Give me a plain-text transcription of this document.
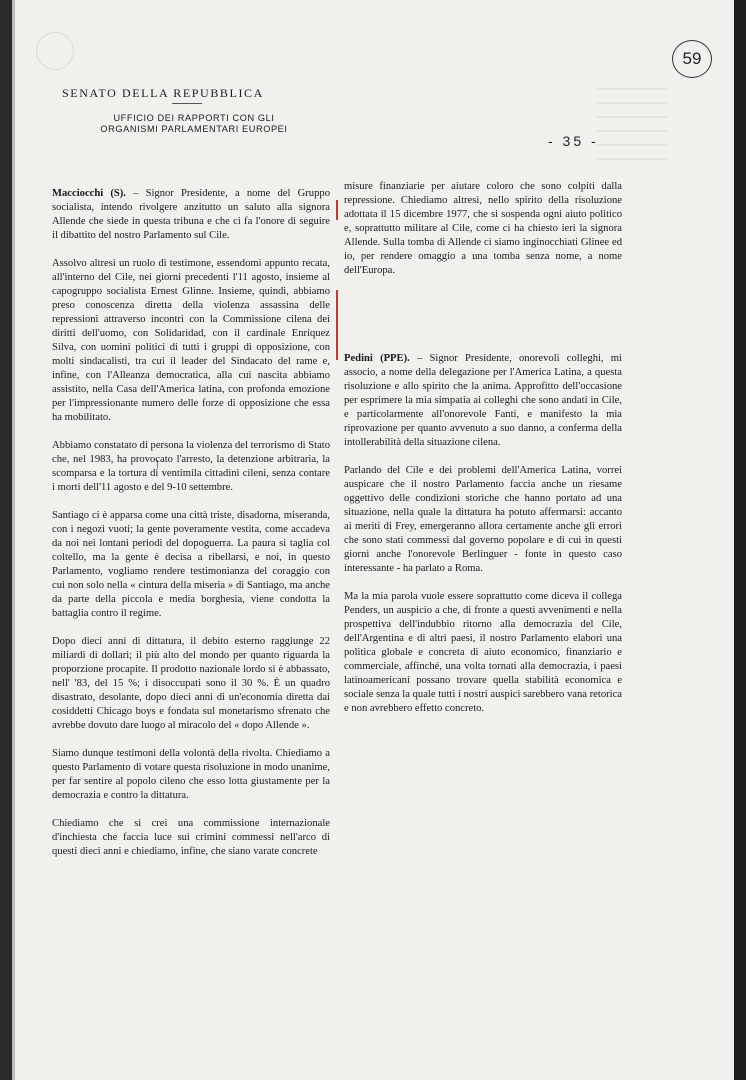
SENATO DELLA REPUBBLICA
UFFICIO DEI RAPPORTI CON GLI
ORGANISMI PARLAMENTARI EUROPEI
59
- 35 -

Macciocchi (S). – Signor Presidente, a nome del Gruppo socialista, intendo rivolgere anzitutto un saluto alla signora Allende che siede in questa tribuna e che ci fa l'onore di seguire il dibattito del nostro Parlamento sul Cile.

Assolvo altresì un ruolo di testimone, essendomi appunto recata, all'interno del Cile, nei giorni precedenti l'11 agosto, insieme al capogruppo socialista Ernest Glinne. Insieme, quindi, abbiamo preso conoscenza diretta della violenza assassina delle repressioni attraverso incontri con la Commissione cilena dei diritti dell'uomo, con Solidaridad, con il cardinale Enriquez Silva, con uomini politici di tutti i gruppi di opposizione, con molti sindacalisti, tra cui il leader del Sindacato del rame e, infine, con l'Alleanza democratica, alla cui nascita abbiamo assistito, nella Casa dell'America latina, con profonda emozione per l'impressionante numero delle forze di opposizione che essa ha mobilitato.

Abbiamo constatato di persona la violenza del terrorismo di Stato che, nel 1983, ha provocato l'arresto, la detenzione arbitraria, la scomparsa e la tortura di ventimila cittadini cileni, senza contare i morti dell'11 agosto e del 9-10 settembre.

Santiago ci è apparsa come una città triste, disadorna, miseranda, con i negozi vuoti; la gente poveramente vestita, come accadeva da noi nei lontani periodi del dopoguerra. La paura si taglia col coltello, ma la gente è decisa a ribellarsi, e noi, in questo Parlamento, vogliamo rendere testimonianza del coraggio con cui non solo nella « cintura della miseria » di Santiago, ma anche da parte della piccola e media borghesia, viene condotta la battaglia contro il regime.

Dopo dieci anni di dittatura, il debito esterno raggiunge 22 miliardi di dollari; il più alto del mondo per quanto riguarda la proporzione procapite. Il prodotto nazionale lordo si è abbassato, nell' '83, del 15 %; i disoccupati sono il 30 %. È un quadro disastrato, desolante, dopo dieci anni di un'economia diretta dai cosiddetti Chicago boys e fondata sul monetarismo sfrenato che avrebbe dovuto dare luogo al miracolo del « dopo Allende ».

Siamo dunque testimoni della volontà della rivolta. Chiediamo a questo Parlamento di votare questa risoluzione in modo unanime, per far sentire al popolo cileno che esso lotta giustamente per la democrazia e contro la dittatura.

Chiediamo che si crei una commissione internazionale d'inchiesta che faccia luce sui crimini commessi nell'arco di questi dieci anni e chiediamo, infine, che siano varate concrete

misure finanziarie per aiutare coloro che sono colpiti dalla repressione. Chiediamo altresì, nello spirito della risoluzione adottata il 15 dicembre 1977, che si sospenda ogni aiuto politico e, soprattutto militare al Cile, come ci ha chiesto ieri la signora Allende. Sulla tomba di Allende ci siamo inginocchiati Glinee ed io, per rendere omaggio a una tomba senza nome, a nome dell'Europa.

Pedini (PPE). – Signor Presidente, onorevoli colleghi, mi associo, a nome della delegazione per l'America Latina, a questa risoluzione e allo spirito che la anima. Approfitto dell'occasione per esprimere la mia simpatia ai colleghi che sono andati in Cile, e particolarmente all'onorevole Fanti, e manifesto la mia riprovazione per quanto avvenuto a suo danno, a conferma della intollerabilità della situazione cilena.

Parlando del Cile e dei problemi dell'America Latina, vorrei auspicare che il nostro Parlamento faccia anche un riesame oggettivo delle condizioni storiche che hanno portato ad una situazione, nella quale la dittatura ha potuto affermarsi: accanto ai meriti di Frey, emergeranno allora certamente anche gli errori che sono stati commessi dal governo popolare e di cui in questi giorni anche l'onorevole Berlinguer - fonte in questo caso interessante - ha parlato a Roma.

Ma la mia parola vuole essere soprattutto come diceva il collega Penders, un auspicio a che, di fronte a questi avvenimenti e nella prospettiva dell'indubbio ritorno alla democrazia del Cile, dell'Argentina e di altri paesi, il nostro Parlamento elabori una politica globale e concreta di aiuto economico, finanziario e commerciale, affinché, una volta tornati alla democrazia, i paesi latinoamericani possano trovare quella stabilità economica e sociale senza la quale tutti i nostri auspici sarebbero vana retorica e non avrebbero effetto concreto.
